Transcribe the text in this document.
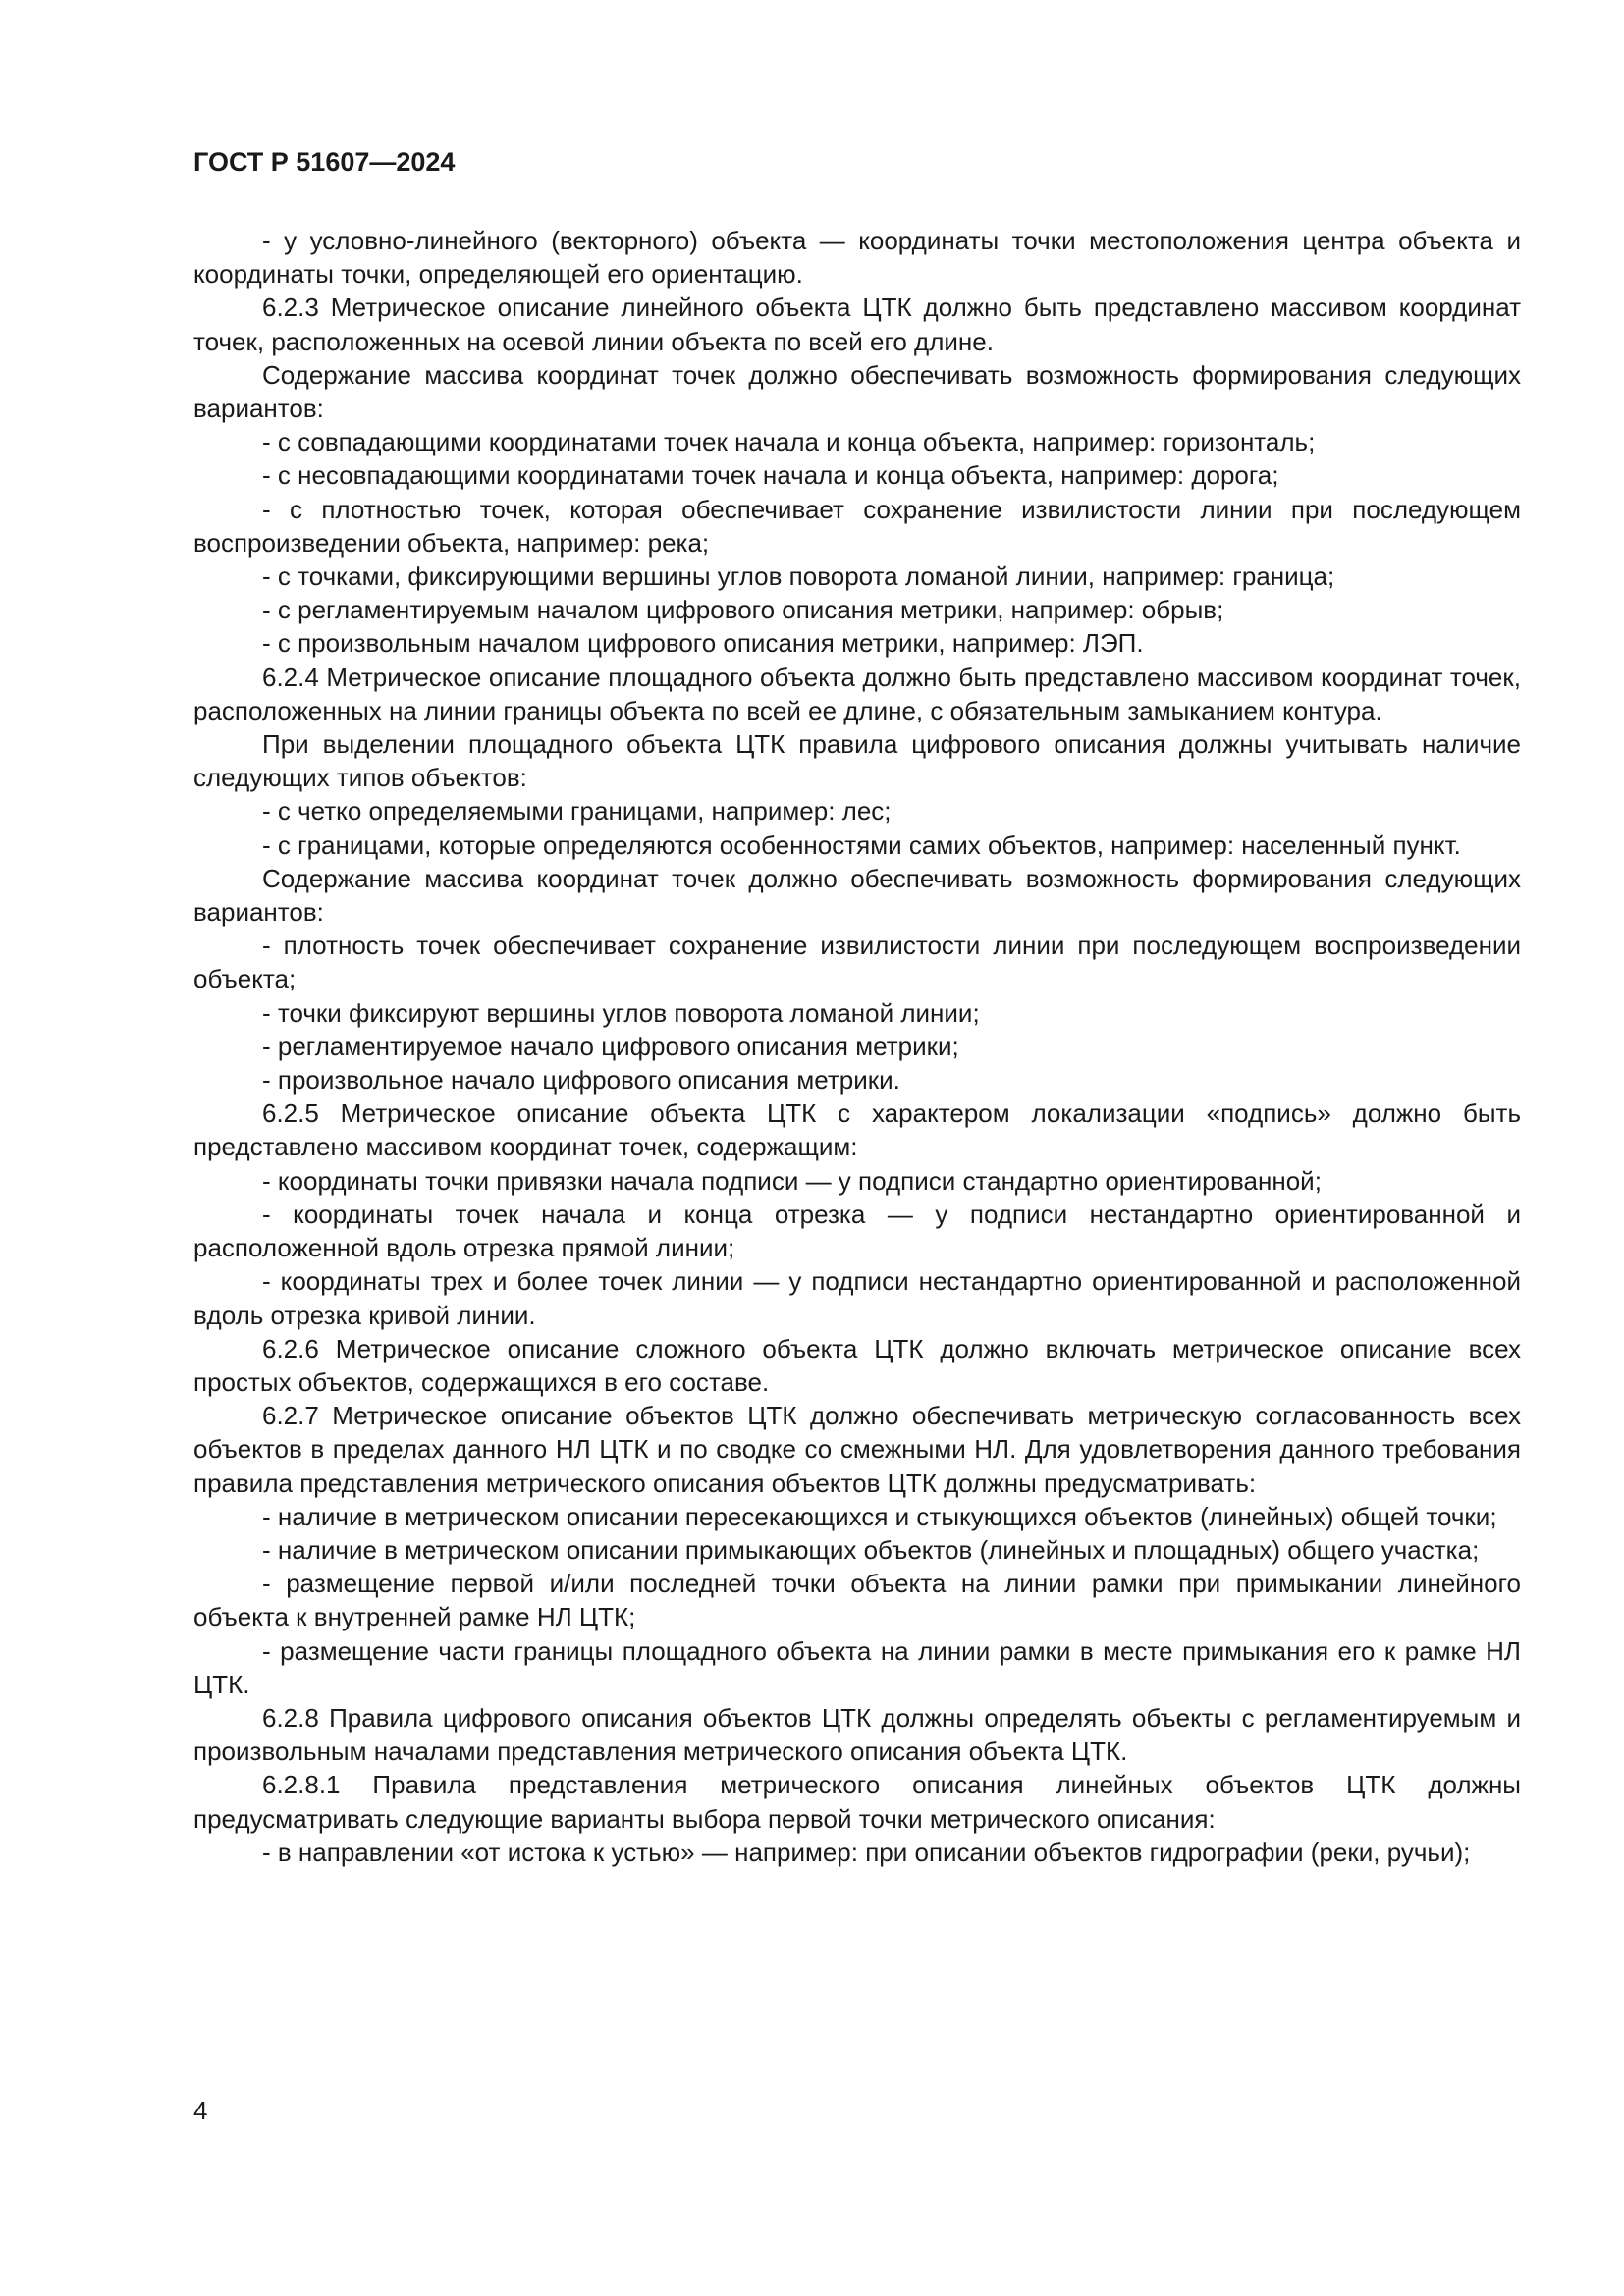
ГОСТ Р 51607—2024

- у условно-линейного (векторного) объекта — координаты точки местоположения центра объекта и координаты точки, определяющей его ориентацию.

6.2.3 Метрическое описание линейного объекта ЦТК должно быть представлено массивом координат точек, расположенных на осевой линии объекта по всей его длине.

Содержание массива координат точек должно обеспечивать возможность формирования следующих вариантов:

- с совпадающими координатами точек начала и конца объекта, например: горизонталь;

- с несовпадающими координатами точек начала и конца объекта, например: дорога;

- с плотностью точек, которая обеспечивает сохранение извилистости линии при последующем воспроизведении объекта, например: река;

- с точками, фиксирующими вершины углов поворота ломаной линии, например: граница;

- с регламентируемым началом цифрового описания метрики, например: обрыв;

- с произвольным началом цифрового описания метрики, например: ЛЭП.

6.2.4 Метрическое описание площадного объекта должно быть представлено массивом координат точек, расположенных на линии границы объекта по всей ее длине, с обязательным замыканием контура.

При выделении площадного объекта ЦТК правила цифрового описания должны учитывать наличие следующих типов объектов:

- с четко определяемыми границами, например: лес;

- с границами, которые определяются особенностями самих объектов, например: населенный пункт.

Содержание массива координат точек должно обеспечивать возможность формирования следующих вариантов:

- плотность точек обеспечивает сохранение извилистости линии при последующем воспроизведении объекта;

- точки фиксируют вершины углов поворота ломаной линии;

- регламентируемое начало цифрового описания метрики;

- произвольное начало цифрового описания метрики.

6.2.5 Метрическое описание объекта ЦТК с характером локализации «подпись» должно быть представлено массивом координат точек, содержащим:

- координаты точки привязки начала подписи — у подписи стандартно ориентированной;

- координаты точек начала и конца отрезка — у подписи нестандартно ориентированной и расположенной вдоль отрезка прямой линии;

- координаты трех и более точек линии — у подписи нестандартно ориентированной и расположенной вдоль отрезка кривой линии.

6.2.6 Метрическое описание сложного объекта ЦТК должно включать метрическое описание всех простых объектов, содержащихся в его составе.

6.2.7 Метрическое описание объектов ЦТК должно обеспечивать метрическую согласованность всех объектов в пределах данного НЛ ЦТК и по сводке со смежными НЛ. Для удовлетворения данного требования правила представления метрического описания объектов ЦТК должны предусматривать:

- наличие в метрическом описании пересекающихся и стыкующихся объектов (линейных) общей точки;

- наличие в метрическом описании примыкающих объектов (линейных и площадных) общего участка;

- размещение первой и/или последней точки объекта на линии рамки при примыкании линейного объекта к внутренней рамке НЛ ЦТК;

- размещение части границы площадного объекта на линии рамки в месте примыкания его к рамке НЛ ЦТК.

6.2.8 Правила цифрового описания объектов ЦТК должны определять объекты с регламентируемым и произвольным началами представления метрического описания объекта ЦТК.

6.2.8.1 Правила представления метрического описания линейных объектов ЦТК должны предусматривать следующие варианты выбора первой точки метрического описания:

- в направлении «от истока к устью» — например: при описании объектов гидрографии (реки, ручьи);

4
